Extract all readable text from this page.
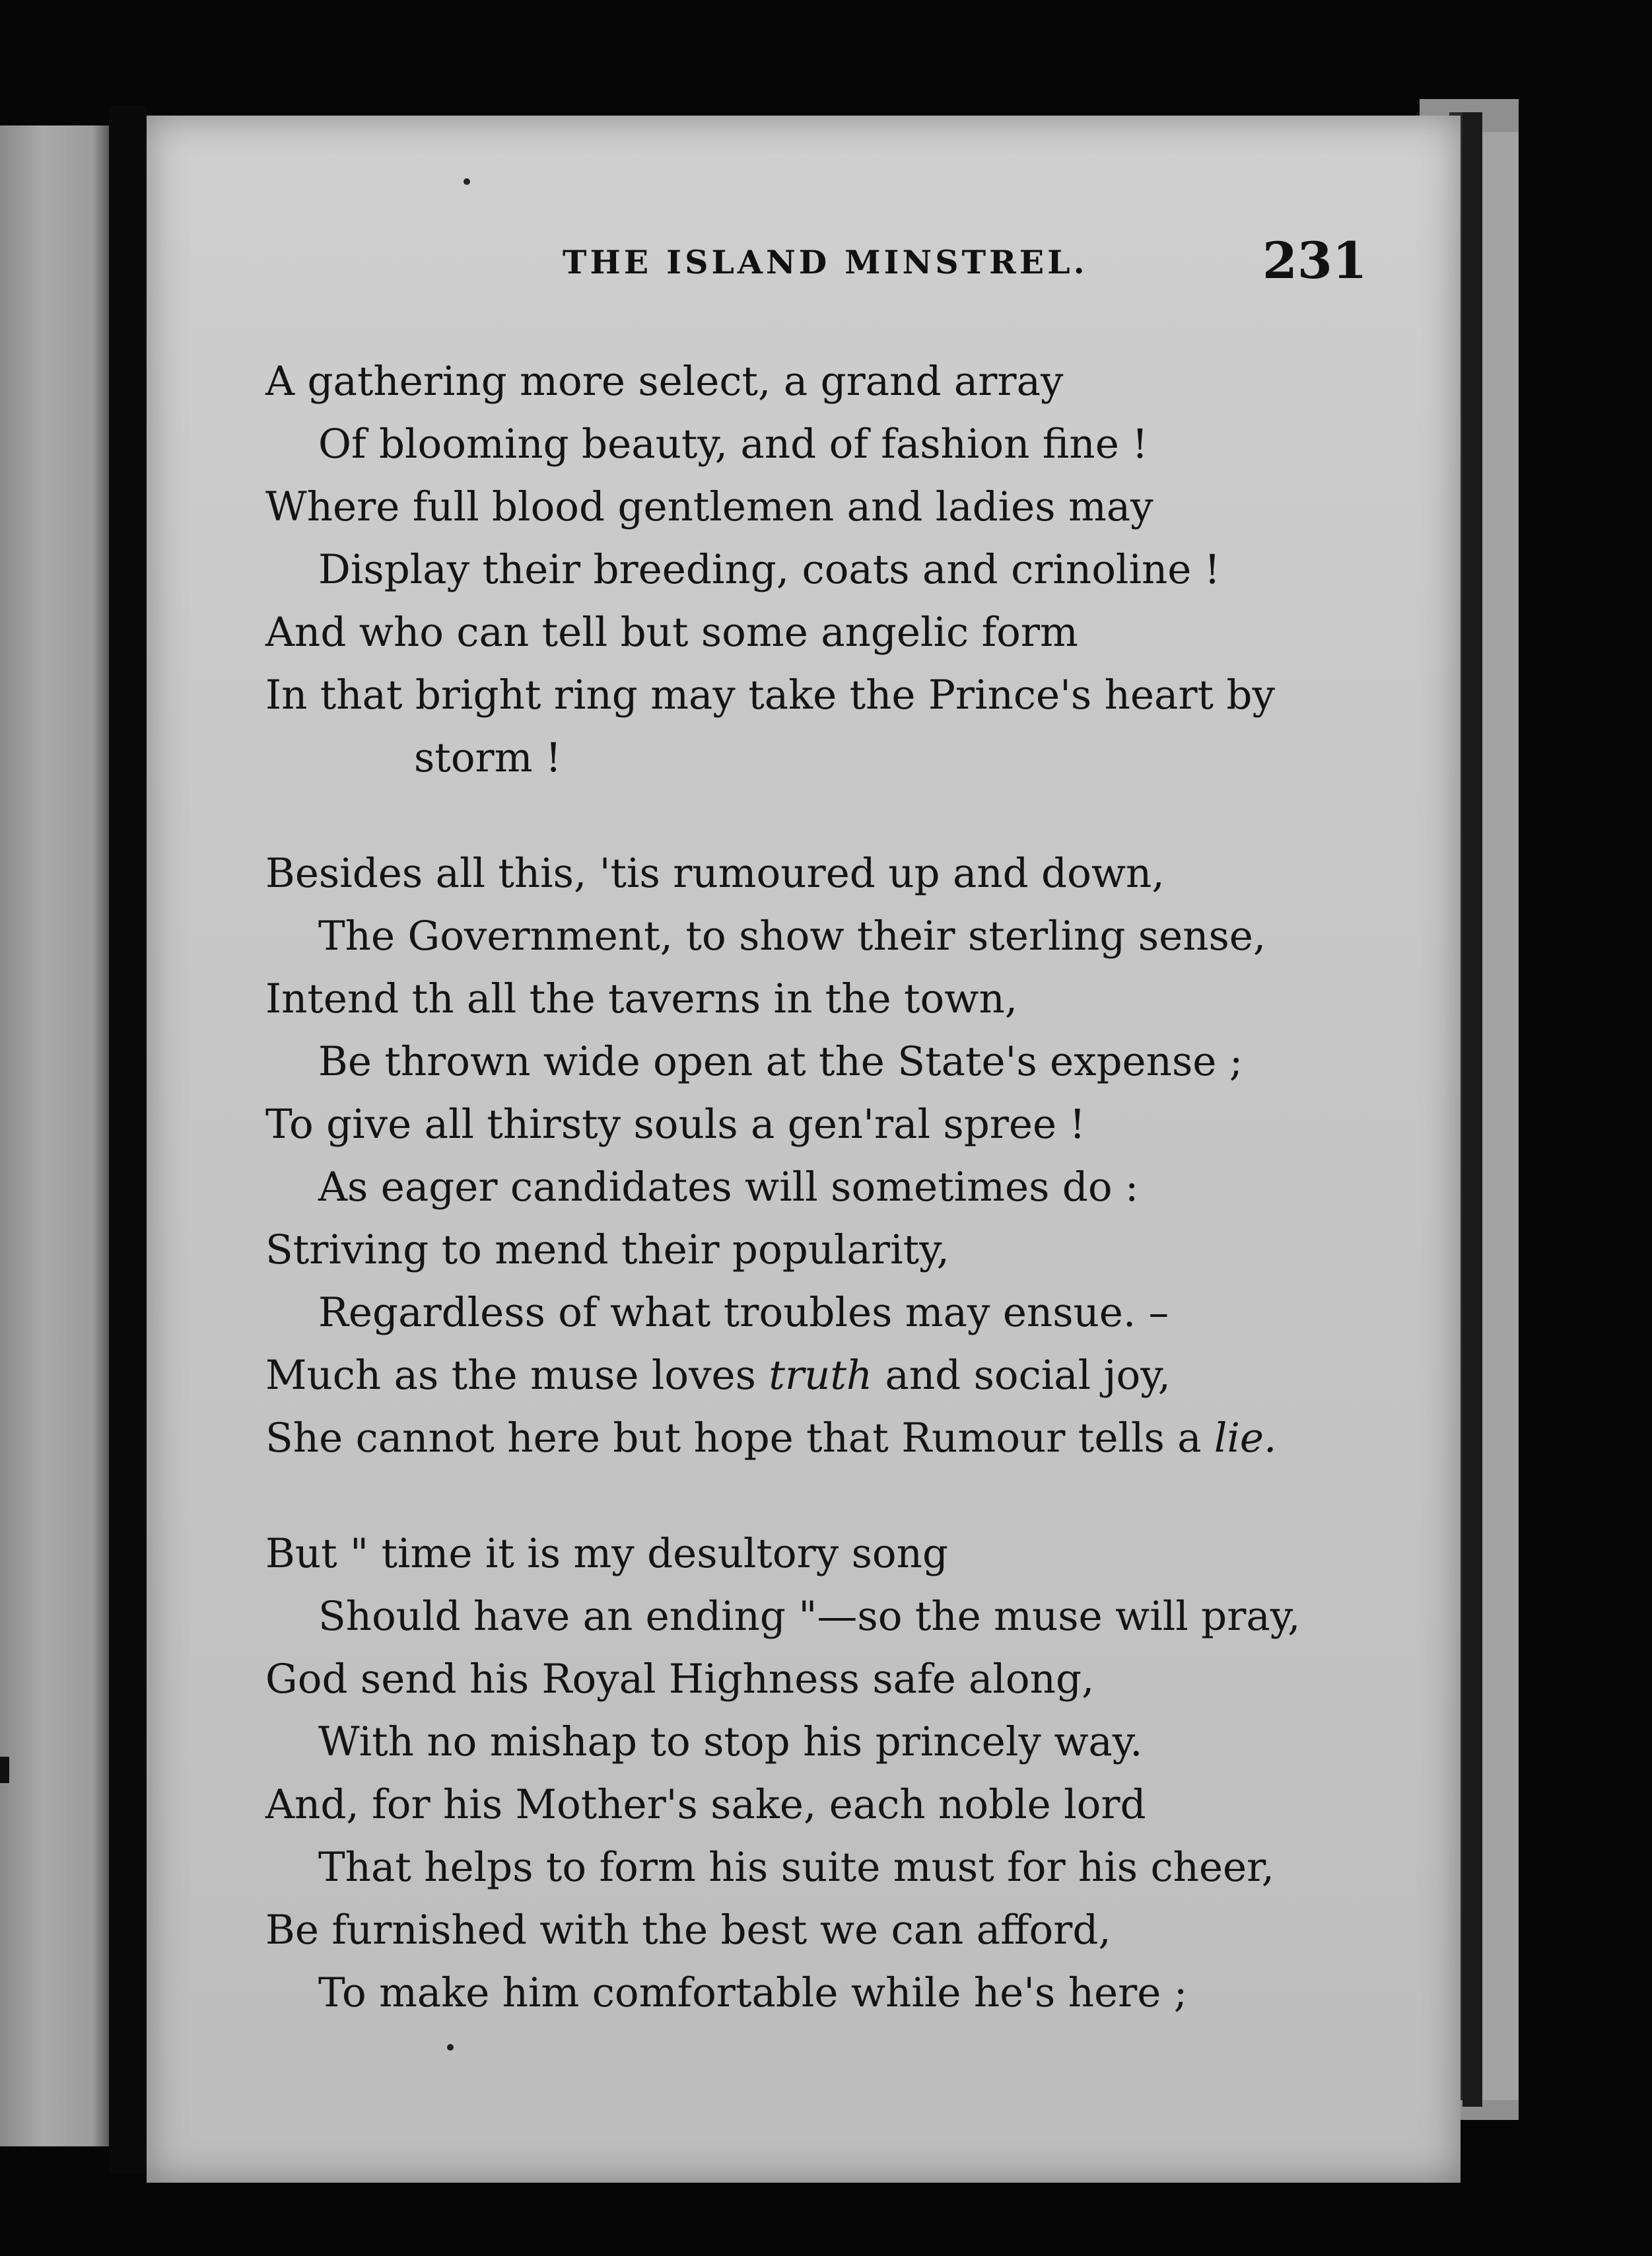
THE ISLAND MINSTREL.	231
A gathering more select, a grand array
Of blooming beauty, and of fashion fine !
Where full blood gentlemen and ladies may
Display their breeding, coats and crinoline !
And who can tell but some angelic form
In that bright ring may take the Prince's heart by
storm !
Besides all this, 'tis rumoured up and down,
The Government, to show their sterling sense,
Intend th all the taverns in the town,
Be thrown wide open at the State's expense ;
To give all thirsty souls a gen'ral spree !
As eager candidates will sometimes do :
Striving to mend their popularity,
Regardless of what troubles may ensue. –
Much as the muse loves truth and social joy,
She cannot here but hope that Rumour tells a lie.
But " time it is my desultory song
Should have an ending "—so the muse will pray,
God send his Royal Highness safe along,
With no mishap to stop his princely way.
And, for his Mother's sake, each noble lord
That helps to form his suite must for his cheer,
Be furnished with the best we can afford,
To make him comfortable while he's here ;
